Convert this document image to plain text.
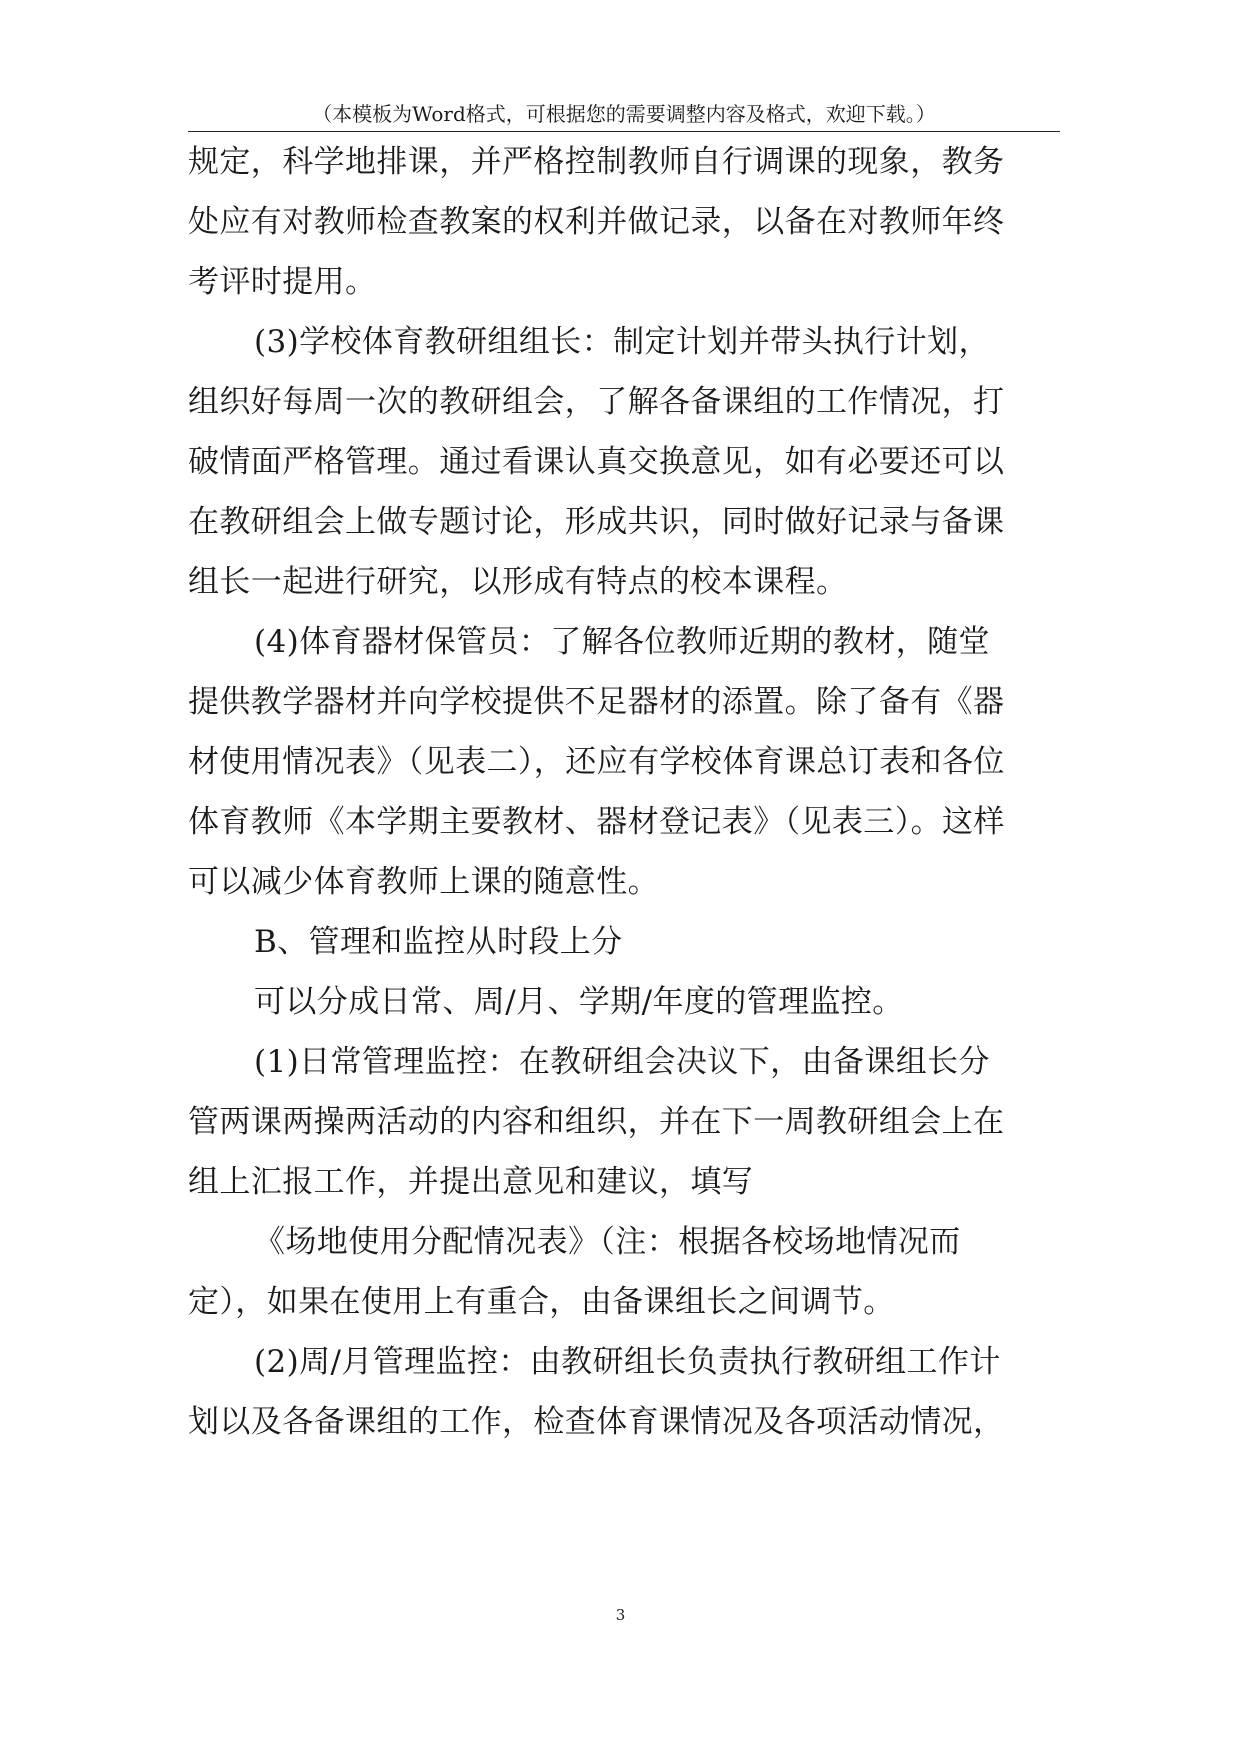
（本模板为Word格式，可根据您的需要调整内容及格式，欢迎下载。）
规定，科学地排课，并严格控制教师自行调课的现象，教务
处应有对教师检查教案的权利并做记录，以备在对教师年终
考评时提用。
(3)学校体育教研组组长：制定计划并带头执行计划，
组织好每周一次的教研组会，了解各备课组的工作情况，打
破情面严格管理。通过看课认真交换意见，如有必要还可以
在教研组会上做专题讨论，形成共识，同时做好记录与备课
组长一起进行研究，以形成有特点的校本课程。
(4)体育器材保管员：了解各位教师近期的教材，随堂
提供教学器材并向学校提供不足器材的添置。除了备有《器
材使用情况表》（见表二），还应有学校体育课总订表和各位
体育教师《本学期主要教材、器材登记表》（见表三）。这样
可以减少体育教师上课的随意性。
B、管理和监控从时段上分
可以分成日常、周/月、学期/年度的管理监控。
(1)日常管理监控：在教研组会决议下，由备课组长分
管两课两操两活动的内容和组织，并在下一周教研组会上在
组上汇报工作，并提出意见和建议，填写
《场地使用分配情况表》（注：根据各校场地情况而
定），如果在使用上有重合，由备课组长之间调节。
(2)周/月管理监控：由教研组长负责执行教研组工作计
划以及各备课组的工作，检查体育课情况及各项活动情况，
3
